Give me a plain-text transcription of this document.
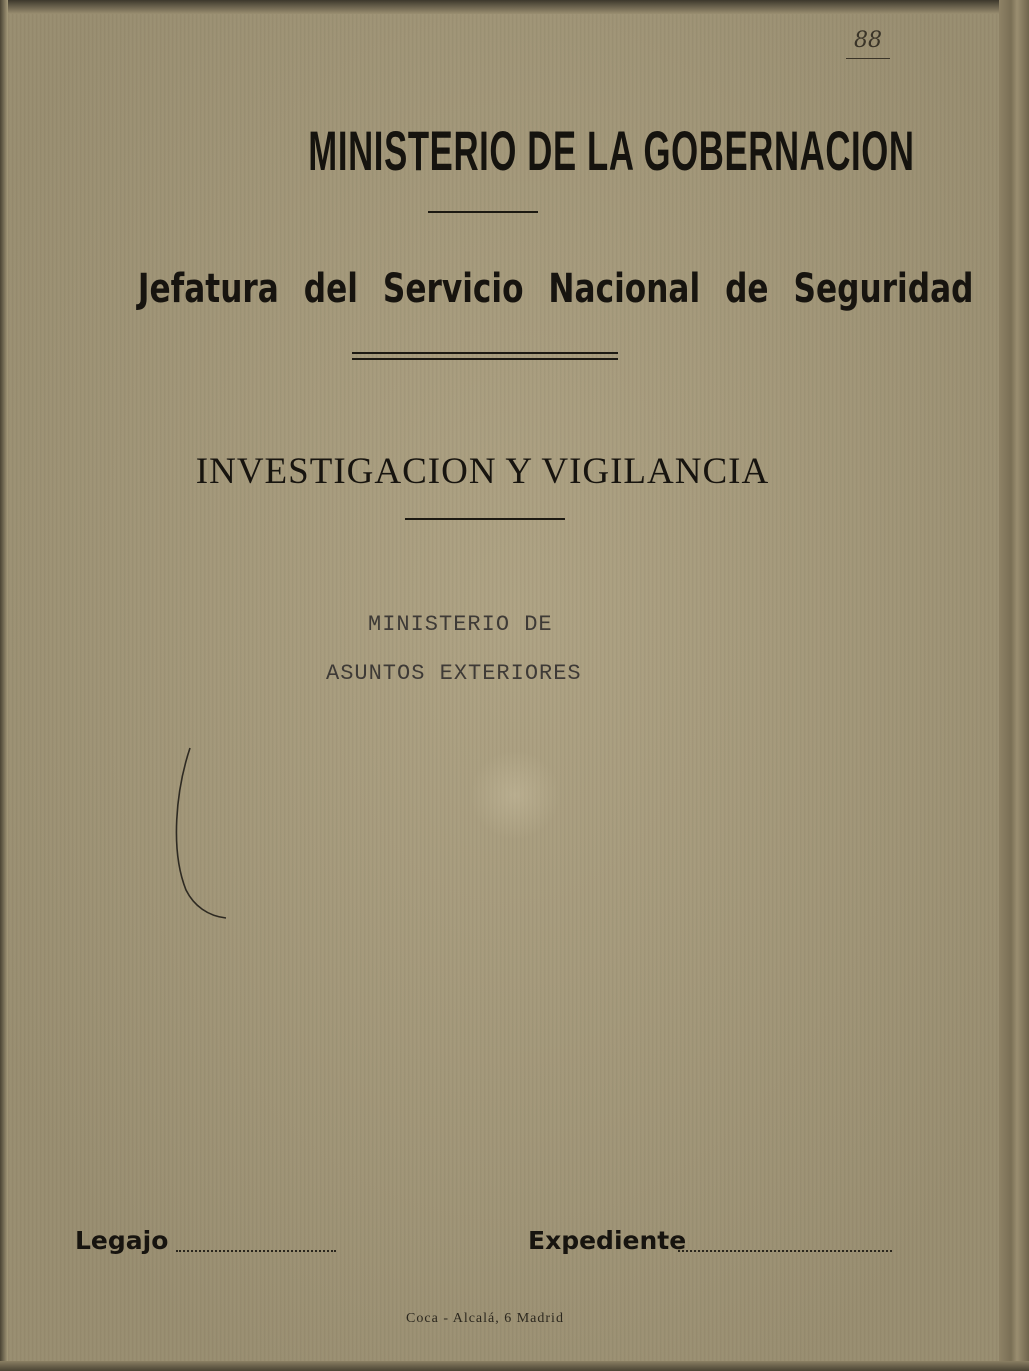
88
MINISTERIO DE LA GOBERNACION
Jefatura del Servicio Nacional de Seguridad
INVESTIGACION Y VIGILANCIA
MINISTERIO DE
ASUNTOS EXTERIORES
Legajo	Expediente
Coca - Alcalá, 6 Madrid
